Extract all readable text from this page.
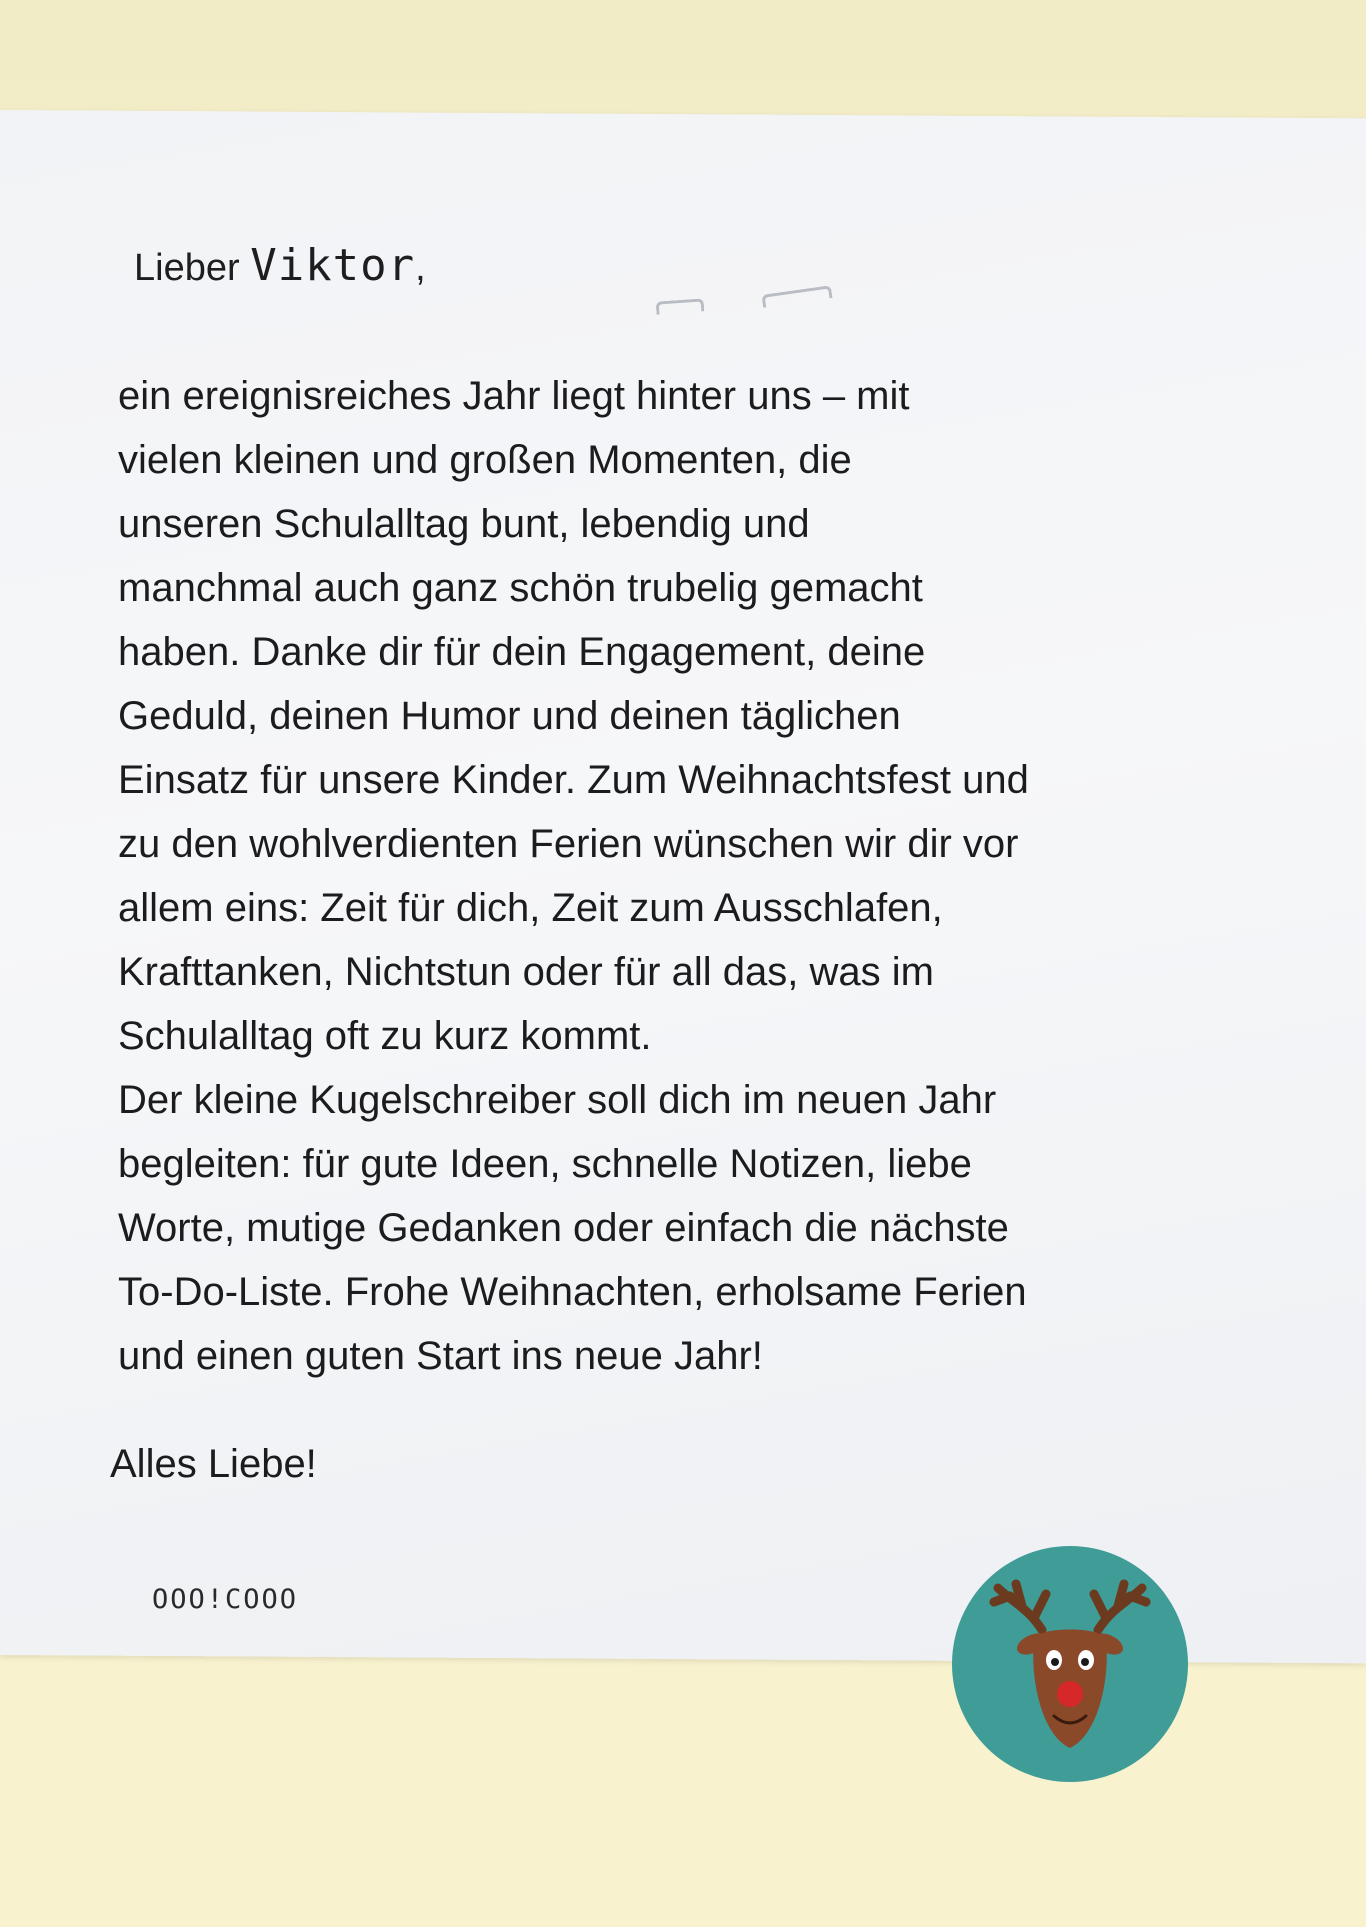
Lieber Viktor,
ein ereignisreiches Jahr liegt hinter uns – mit
vielen kleinen und großen Momenten, die
unseren Schulalltag bunt, lebendig und
manchmal auch ganz schön trubelig gemacht
haben. Danke dir für dein Engagement, deine
Geduld, deinen Humor und deinen täglichen
Einsatz für unsere Kinder. Zum Weihnachtsfest und
zu den wohlverdienten Ferien wünschen wir dir vor
allem eins: Zeit für dich, Zeit zum Ausschlafen,
Krafttanken, Nichtstun oder für all das, was im
Schulalltag oft zu kurz kommt.
Der kleine Kugelschreiber soll dich im neuen Jahr
begleiten: für gute Ideen, schnelle Notizen, liebe
Worte, mutige Gedanken oder einfach die nächste
To-Do-Liste. Frohe Weihnachten, erholsame Ferien
und einen guten Start ins neue Jahr!
Alles Liebe!
OOO!COOO
